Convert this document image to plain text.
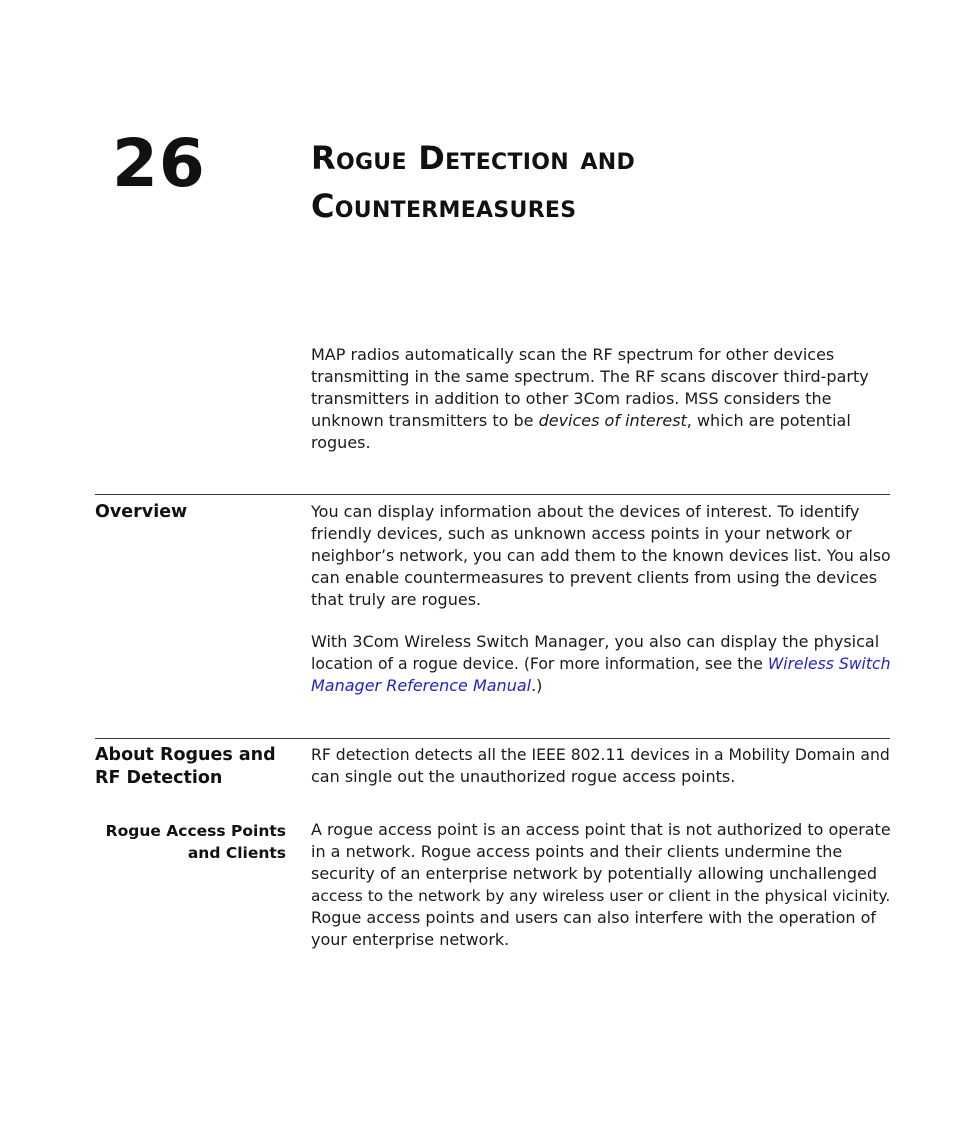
26	Rogue Detection and
Countermeasures

MAP radios automatically scan the RF spectrum for other devices
transmitting in the same spectrum. The RF scans discover third-party
transmitters in addition to other 3Com radios. MSS considers the
unknown transmitters to be devices of interest, which are potential
rogues.

Overview	You can display information about the devices of interest. To identify
friendly devices, such as unknown access points in your network or
neighbor’s network, you can add them to the known devices list. You also
can enable countermeasures to prevent clients from using the devices
that truly are rogues.

With 3Com Wireless Switch Manager, you also can display the physical
location of a rogue device. (For more information, see the Wireless Switch
Manager Reference Manual.)

About Rogues and
RF Detection

RF detection detects all the IEEE 802.11 devices in a Mobility Domain and
can single out the unauthorized rogue access points.

Rogue Access Points
and Clients

A rogue access point is an access point that is not authorized to operate
in a network. Rogue access points and their clients undermine the
security of an enterprise network by potentially allowing unchallenged
access to the network by any wireless user or client in the physical vicinity.
Rogue access points and users can also interfere with the operation of
your enterprise network.
